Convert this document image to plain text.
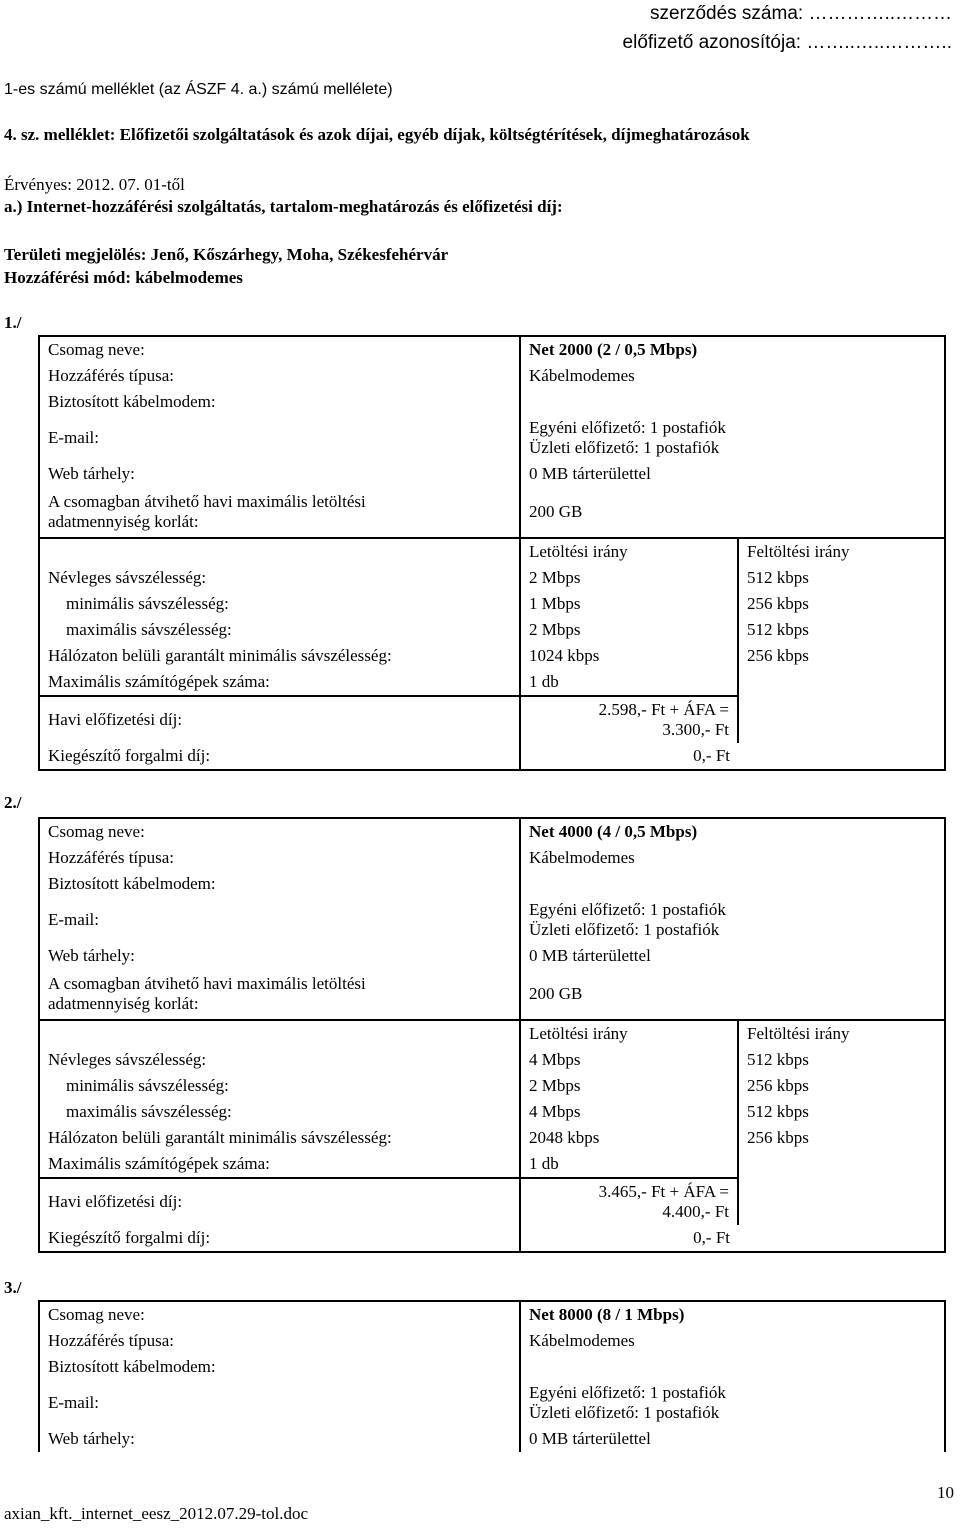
szerződés száma: …………..………
előfizető azonosítója: ……..…..………..
1-es számú melléklet (az ÁSZF 4. a.) számú mellélete)
4. sz. melléklet: Előfizetői szolgáltatások és azok díjai, egyéb díjak, költségtérítések, díjmeghatározások
Érvényes: 2012. 07. 01-től
a.) Internet-hozzáférési szolgáltatás, tartalom-meghatározás és előfizetési díj:
Területi megjelölés: Jenő, Kőszárhegy, Moha, Székesfehérvár
Hozzáférési mód: kábelmodemes
1./
Csomag neve:	Net 2000 (2 / 0,5 Mbps)	
Hozzáférés típusa:	Kábelmodemes	
Biztosított kábelmodem:		
E-mail:	Egyéni előfizető: 1 postafiók
Üzleti előfizető: 1 postafiók	

Web tárhely:	0 MB tárterülettel	

A csomagban átvihető havi maximális letöltési
adatmennyiség korlát:	200 GB	
	Letöltési irány	Feltöltési irány
Névleges sávszélesség:	2 Mbps	512 kbps
minimális sávszélesség:	1 Mbps	256 kbps
maximális sávszélesség:	2 Mbps	512 kbps
Hálózaton belüli garantált minimális sávszélesség:	1024 kbps	256 kbps
Maximális számítógépek száma:	1 db	
Havi előfizetési díj:	2.598,- Ft + ÁFA =
3.300,- Ft	

Kiegészítő forgalmi díj:	0,- Ft	
2./
Csomag neve:	Net 4000 (4 / 0,5 Mbps)	
Hozzáférés típusa:	Kábelmodemes	
Biztosított kábelmodem:		
E-mail:	Egyéni előfizető: 1 postafiók
Üzleti előfizető: 1 postafiók	

Web tárhely:	0 MB tárterülettel	

A csomagban átvihető havi maximális letöltési
adatmennyiség korlát:	200 GB	
	Letöltési irány	Feltöltési irány
Névleges sávszélesség:	4 Mbps	512 kbps
minimális sávszélesség:	2 Mbps	256 kbps
maximális sávszélesség:	4 Mbps	512 kbps
Hálózaton belüli garantált minimális sávszélesség:	2048 kbps	256 kbps
Maximális számítógépek száma:	1 db	
Havi előfizetési díj:	3.465,- Ft + ÁFA =
4.400,- Ft	

Kiegészítő forgalmi díj:	0,- Ft	
3./
Csomag neve:	Net 8000 (8 / 1 Mbps)
Hozzáférés típusa:	Kábelmodemes
Biztosított kábelmodem:	
E-mail:	Egyéni előfizető: 1 postafiók
Üzleti előfizető: 1 postafiók

Web tárhely:	0 MB tárterülettel
10
axian_kft._internet_eesz_2012.07.29-tol.doc
